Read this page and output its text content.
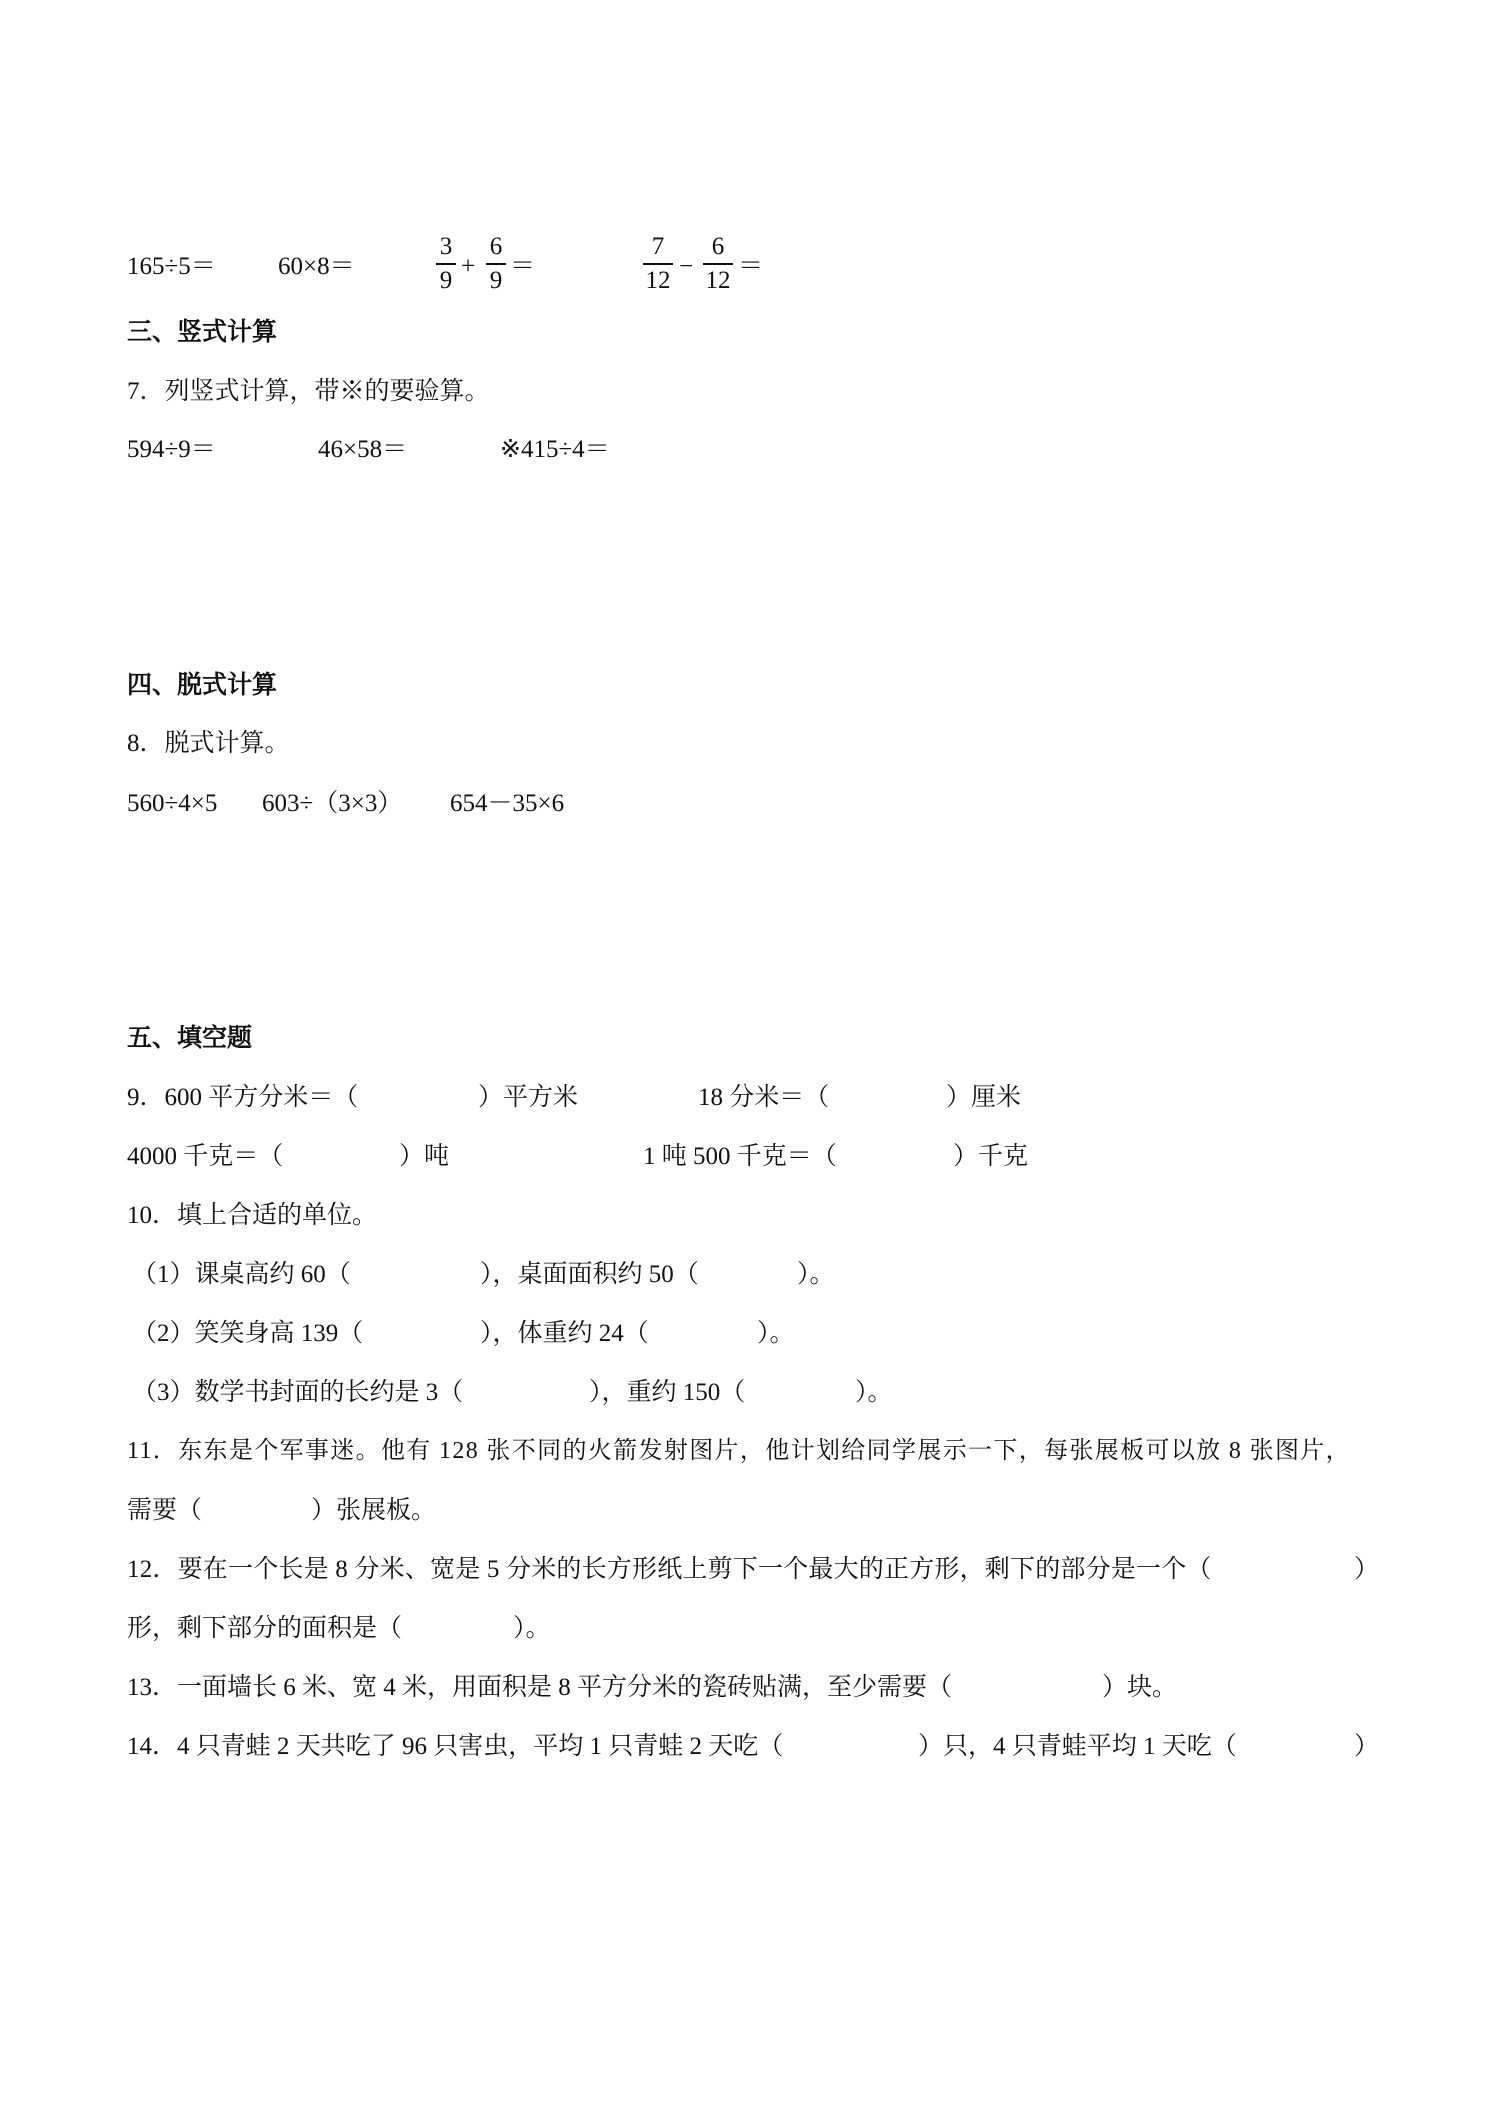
165÷5＝ 60×8＝
3
9
+
6
9
＝
7
12
−
6
12
＝
三、竖式计算
7．列竖式计算，带※的要验算。
594÷9＝	46×58＝	※415÷4＝
四、脱式计算
8．脱式计算。
560÷4×5 603÷（3×3） 654－35×6
五、填空题
9．600 平方分米＝（	）平方米	18 分米＝（	）厘米
4000 千克＝（	）吨	1 吨 500 千克＝（	）千克
10．填上合适的单位。
（1）课桌高约 60（	），桌面面积约 50（	）。
（2）笑笑身高 139（	），体重约 24（	）。
（3）数学书封面的长约是 3（	），重约 150（	）。
11．东东是个军事迷。他有 128 张不同的火箭发射图片，他计划给同学展示一下，每张展板可以放 8 张图片，
需要（	）张展板。
12．要在一个长是 8 分米、宽是 5 分米的长方形纸上剪下一个最大的正方形，剩下的部分是一个（	）
形，剩下部分的面积是（	）。
13．一面墙长 6 米、宽 4 米，用面积是 8 平方分米的瓷砖贴满，至少需要（	）块。
14．4 只青蛙 2 天共吃了 96 只害虫，平均 1 只青蛙 2 天吃（	）只，4 只青蛙平均 1 天吃（	）
